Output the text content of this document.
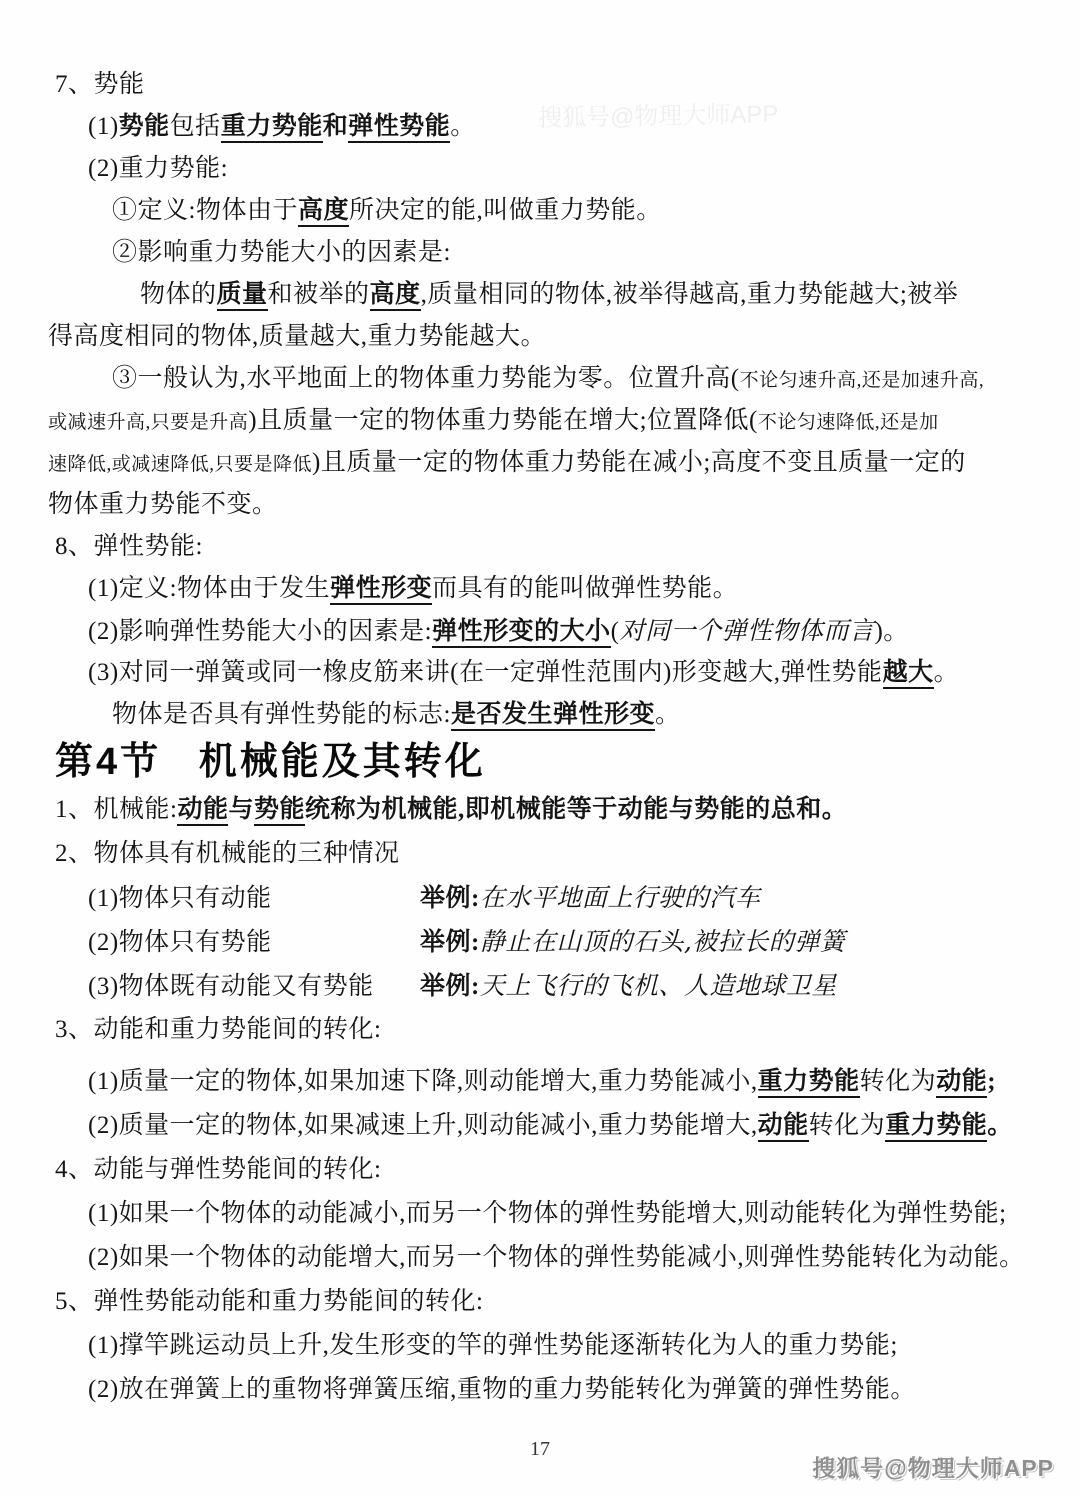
搜狐号@物理大师APP
7、势能
(1)势能包括重力势能和弹性势能。
(2)重力势能:
①定义:物体由于高度所决定的能,叫做重力势能。
②影响重力势能大小的因素是:
物体的质量和被举的高度,质量相同的物体,被举得越高,重力势能越大;被举
得高度相同的物体,质量越大,重力势能越大。
③一般认为,水平地面上的物体重力势能为零。位置升高(不论匀速升高,还是加速升高,
或减速升高,只要是升高)且质量一定的物体重力势能在增大;位置降低(不论匀速降低,还是加
速降低,或减速降低,只要是降低)且质量一定的物体重力势能在减小;高度不变且质量一定的
物体重力势能不变。
8、弹性势能:
(1)定义:物体由于发生弹性形变而具有的能叫做弹性势能。
(2)影响弹性势能大小的因素是:弹性形变的大小(对同一个弹性物体而言)。
(3)对同一弹簧或同一橡皮筋来讲(在一定弹性范围内)形变越大,弹性势能越大。
物体是否具有弹性势能的标志:是否发生弹性形变。
第4节 机械能及其转化
1、机械能:动能与势能统称为机械能,即机械能等于动能与势能的总和。
2、物体具有机械能的三种情况
(1)物体只有动能	举例:在水平地面上行驶的汽车
(2)物体只有势能	举例:静止在山顶的石头,被拉长的弹簧
(3)物体既有动能又有势能 举例:天上飞行的飞机、人造地球卫星
3、动能和重力势能间的转化:
(1)质量一定的物体,如果加速下降,则动能增大,重力势能减小,重力势能转化为动能;
(2)质量一定的物体,如果减速上升,则动能减小,重力势能增大,动能转化为重力势能。
4、动能与弹性势能间的转化:
(1)如果一个物体的动能减小,而另一个物体的弹性势能增大,则动能转化为弹性势能;
(2)如果一个物体的动能增大,而另一个物体的弹性势能减小,则弹性势能转化为动能。
5、弹性势能动能和重力势能间的转化:
(1)撑竿跳运动员上升,发生形变的竿的弹性势能逐渐转化为人的重力势能;
(2)放在弹簧上的重物将弹簧压缩,重物的重力势能转化为弹簧的弹性势能。
17
搜狐号@物理大师APP
